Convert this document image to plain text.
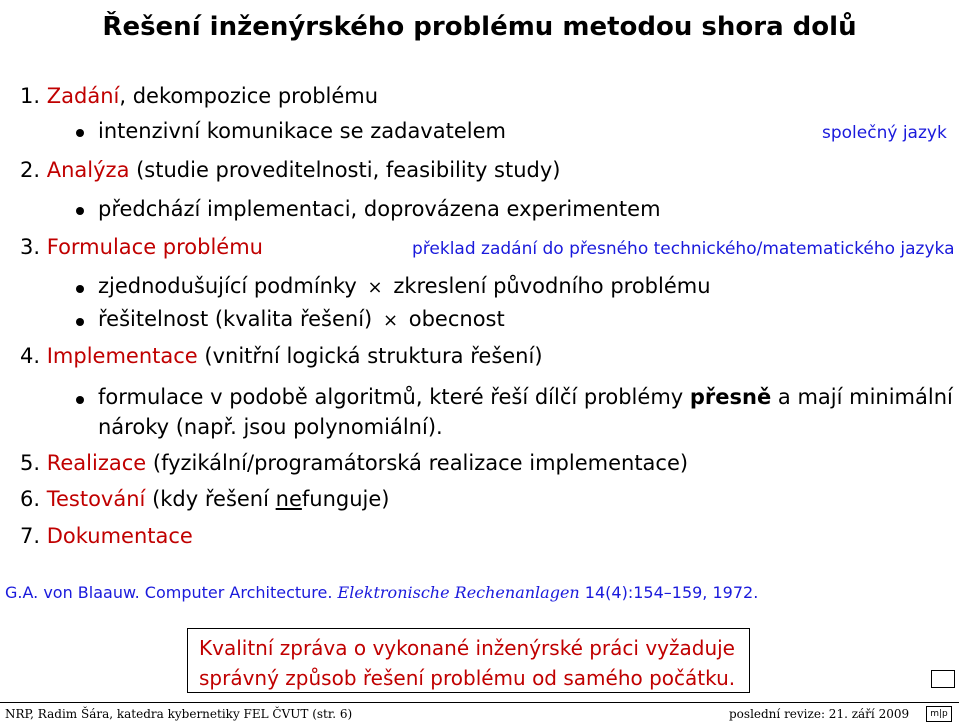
Řešení inženýrského problému metodou shora dolů
1. Zadání, dekompozice problému
intenzivní komunikace se zadavatelem	společný jazyk
2. Analýza (studie proveditelnosti, feasibility study)
předchází implementaci, doprovázena experimentem
3. Formulace problému	překlad zadání do přesného technického/matematického jazyka
zjednodušující podmínky × zkreslení původního problému
řešitelnost (kvalita řešení) × obecnost
4. Implementace (vnitřní logická struktura řešení)
formulace v podobě algoritmů, které řeší dílčí problémy přesně a mají minimální
nároky (např. jsou polynomiální).
5. Realizace (fyzikální/programátorská realizace implementace)
6. Testování (kdy řešení nefunguje)
7. Dokumentace
G.A. von Blaauw. Computer Architecture. Elektronische Rechenanlagen 14(4):154–159, 1972.
Kvalitní zpráva o vykonané inženýrské práci vyžaduje
správný způsob řešení problému od samého počátku.
NRP, Radim Šára, katedra kybernetiky FEL ČVUT (str. 6)	poslední revize: 21. září 2009	m|p
